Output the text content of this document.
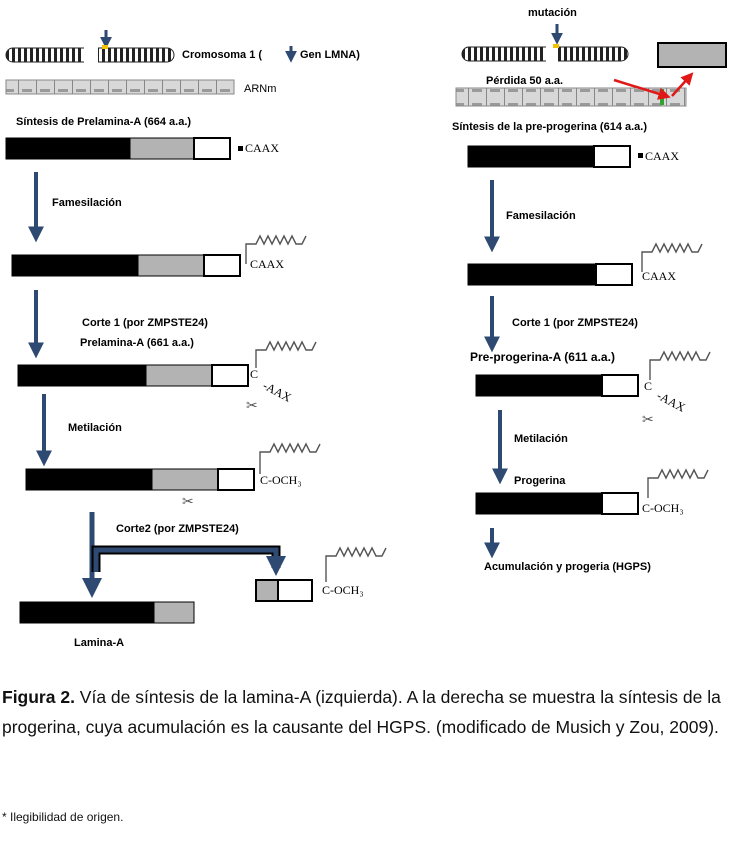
Cromosoma 1 (	Gen LMNA)
ARNm
Síntesis de Prelamina-A (664 a.a.)
CAAX
Famesilación
CAAX
Corte 1 (por ZMPSTE24)
Prelamina-A (661 a.a.)
C
-AAX
✂
Metilación
C-OCH₃
✂
Corte2 (por ZMPSTE24)
C-OCH₃
Lamina-A
mutación
Pérdida 50 a.a.
Síntesis de la pre-progerina (614 a.a.)
CAAX
Famesilación
CAAX
Corte 1 (por ZMPSTE24)
Pre-progerina-A (611 a.a.)
C
-AAX
✂
Metilación
Progerina
C-OCH₃
Acumulación y progeria (HGPS)
Figura 2. Vía de síntesis de la lamina-A (izquierda). A la derecha se muestra la síntesis de la progerina, cuya acumulación es la causante del HGPS. (modificado de Musich y Zou, 2009).
* Ilegibilidad de origen.
